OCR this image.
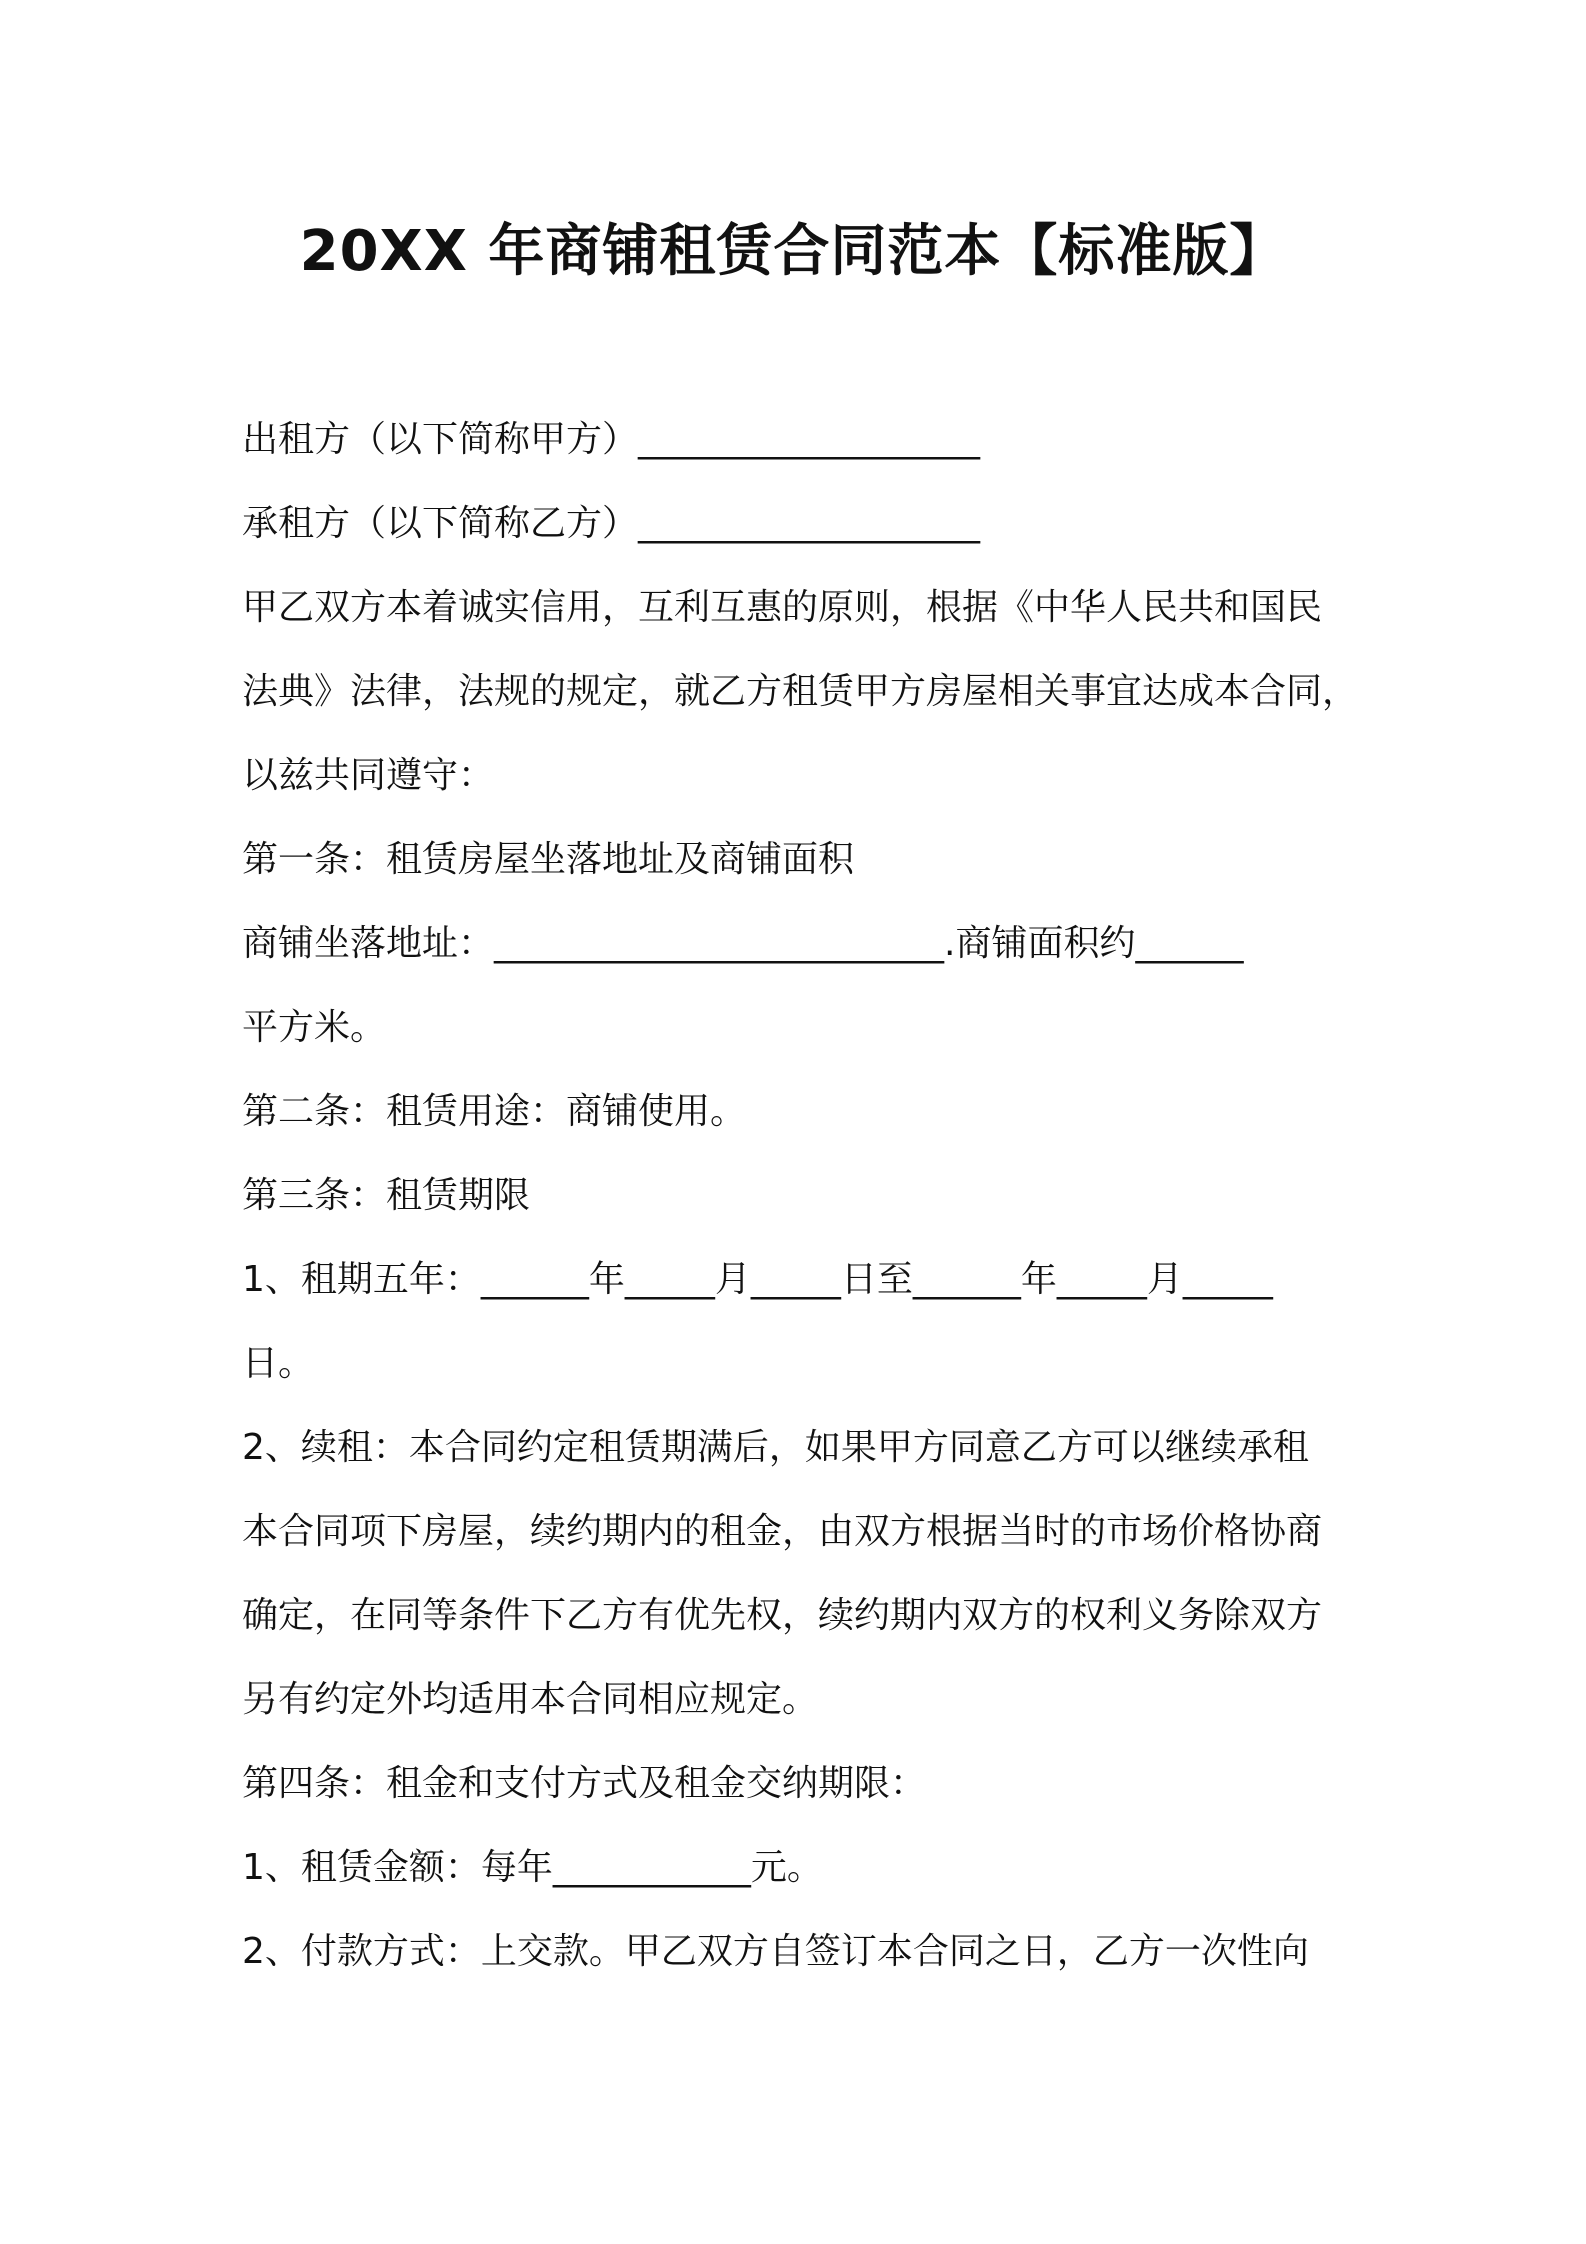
20XX 年商铺租赁合同范本【标准版】

出租方（以下简称甲方）___________________

承租方（以下简称乙方）___________________

甲乙双方本着诚实信用，互利互惠的原则，根据《中华人民共和国民

法典》法律，法规的规定，就乙方租赁甲方房屋相关事宜达成本合同，

以兹共同遵守：

第一条：租赁房屋坐落地址及商铺面积

商铺坐落地址：_________________________.商铺面积约______

平方米。

第二条：租赁用途：商铺使用。

第三条：租赁期限

1、租期五年：______年_____月_____日至______年_____月_____

日。

2、续租：本合同约定租赁期满后，如果甲方同意乙方可以继续承租

本合同项下房屋，续约期内的租金，由双方根据当时的市场价格协商

确定，在同等条件下乙方有优先权，续约期内双方的权利义务除双方

另有约定外均适用本合同相应规定。

第四条：租金和支付方式及租金交纳期限：

1、租赁金额：每年___________元。

2、付款方式：上交款。甲乙双方自签订本合同之日，乙方一次性向
